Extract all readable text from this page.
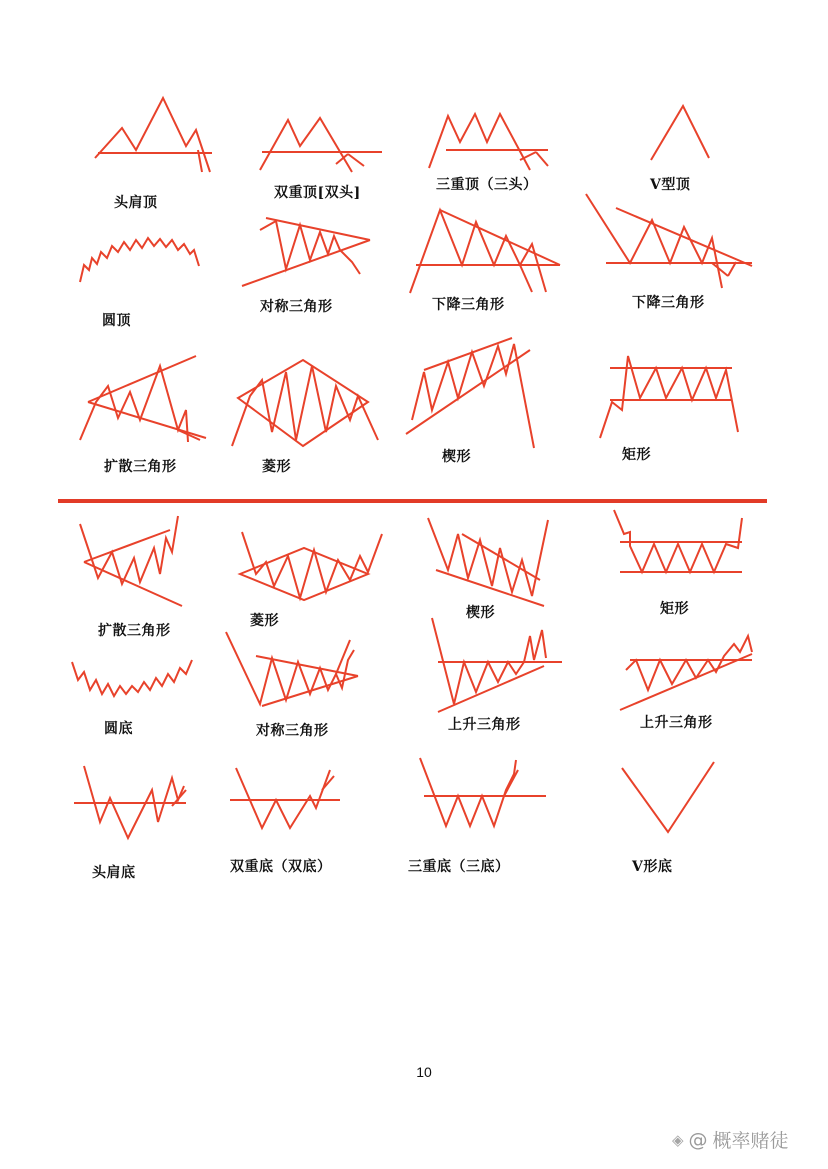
头肩顶
双重顶[双头]	三重顶（三头）	V型顶
圆顶
对称三角形	下降三角形	下降三角形
扩散三角形	菱形
楔形	矩形
扩散三角形
菱形	楔形	矩形
圆底	对称三角形	上升三角形	上升三角形
头肩底	双重底（双底）	三重底（三底）	V形底
10
◈ @ 概率赌徒
